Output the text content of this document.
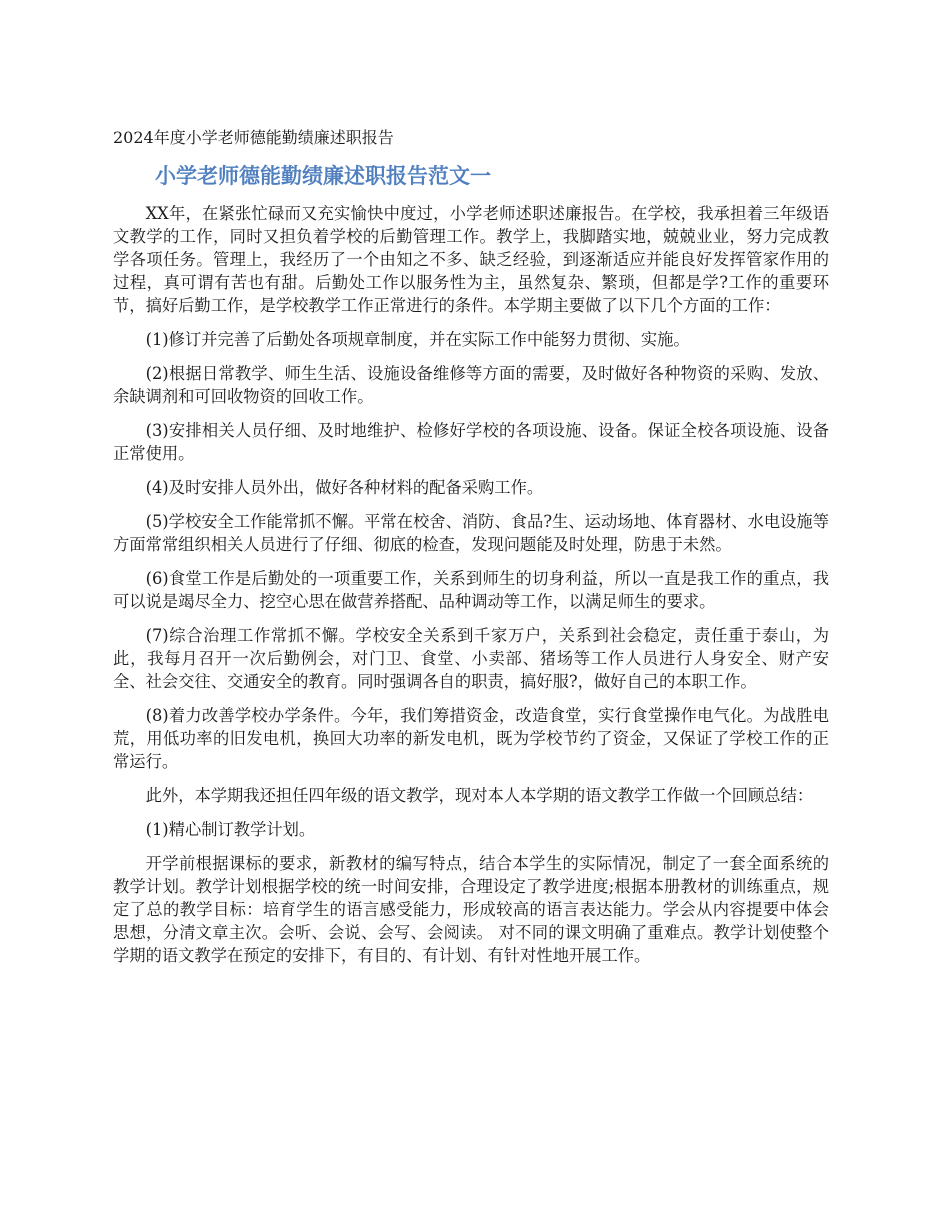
2024年度小学老师德能勤绩廉述职报告
小学老师德能勤绩廉述职报告范文一

XX年，在紧张忙碌而又充实愉快中度过，小学老师述职述廉报告。在学校，我承担着三年级语文教学的工作，同时又担负着学校的后勤管理工作。教学上，我脚踏实地，兢兢业业，努力完成教学各项任务。管理上，我经历了一个由知之不多、缺乏经验，到逐渐适应并能良好发挥管家作用的过程，真可谓有苦也有甜。后勤处工作以服务性为主，虽然复杂、繁琐，但都是学?工作的重要环节，搞好后勤工作，是学校教学工作正常进行的条件。本学期主要做了以下几个方面的工作：

(1)修订并完善了后勤处各项规章制度，并在实际工作中能努力贯彻、实施。

(2)根据日常教学、师生生活、设施设备维修等方面的需要，及时做好各种物资的采购、发放、余缺调剂和可回收物资的回收工作。

(3)安排相关人员仔细、及时地维护、检修好学校的各项设施、设备。保证全校各项设施、设备正常使用。

(4)及时安排人员外出，做好各种材料的配备采购工作。

(5)学校安全工作能常抓不懈。平常在校舍、消防、食品?生、运动场地、体育器材、水电设施等方面常常组织相关人员进行了仔细、彻底的检查，发现问题能及时处理，防患于未然。

(6)食堂工作是后勤处的一项重要工作，关系到师生的切身利益，所以一直是我工作的重点，我可以说是竭尽全力、挖空心思在做营养搭配、品种调动等工作，以满足师生的要求。

(7)综合治理工作常抓不懈。学校安全关系到千家万户，关系到社会稳定，责任重于泰山，为此，我每月召开一次后勤例会，对门卫、食堂、小卖部、猪场等工作人员进行人身安全、财产安全、社会交往、交通安全的教育。同时强调各自的职责，搞好服?，做好自己的本职工作。

(8)着力改善学校办学条件。今年，我们筹措资金，改造食堂，实行食堂操作电气化。为战胜电荒，用低功率的旧发电机，换回大功率的新发电机，既为学校节约了资金，又保证了学校工作的正常运行。

此外，本学期我还担任四年级的语文教学，现对本人本学期的语文教学工作做一个回顾总结：

(1)精心制订教学计划。

开学前根据课标的要求，新教材的编写特点，结合本学生的实际情况，制定了一套全面系统的教学计划。教学计划根据学校的统一时间安排，合理设定了教学进度;根据本册教材的训练重点，规定了总的教学目标：培育学生的语言感受能力，形成较高的语言表达能力。学会从内容提要中体会思想，分清文章主次。会听、会说、会写、会阅读。 对不同的课文明确了重难点。教学计划使整个学期的语文教学在预定的安排下，有目的、有计划、有针对性地开展工作。
